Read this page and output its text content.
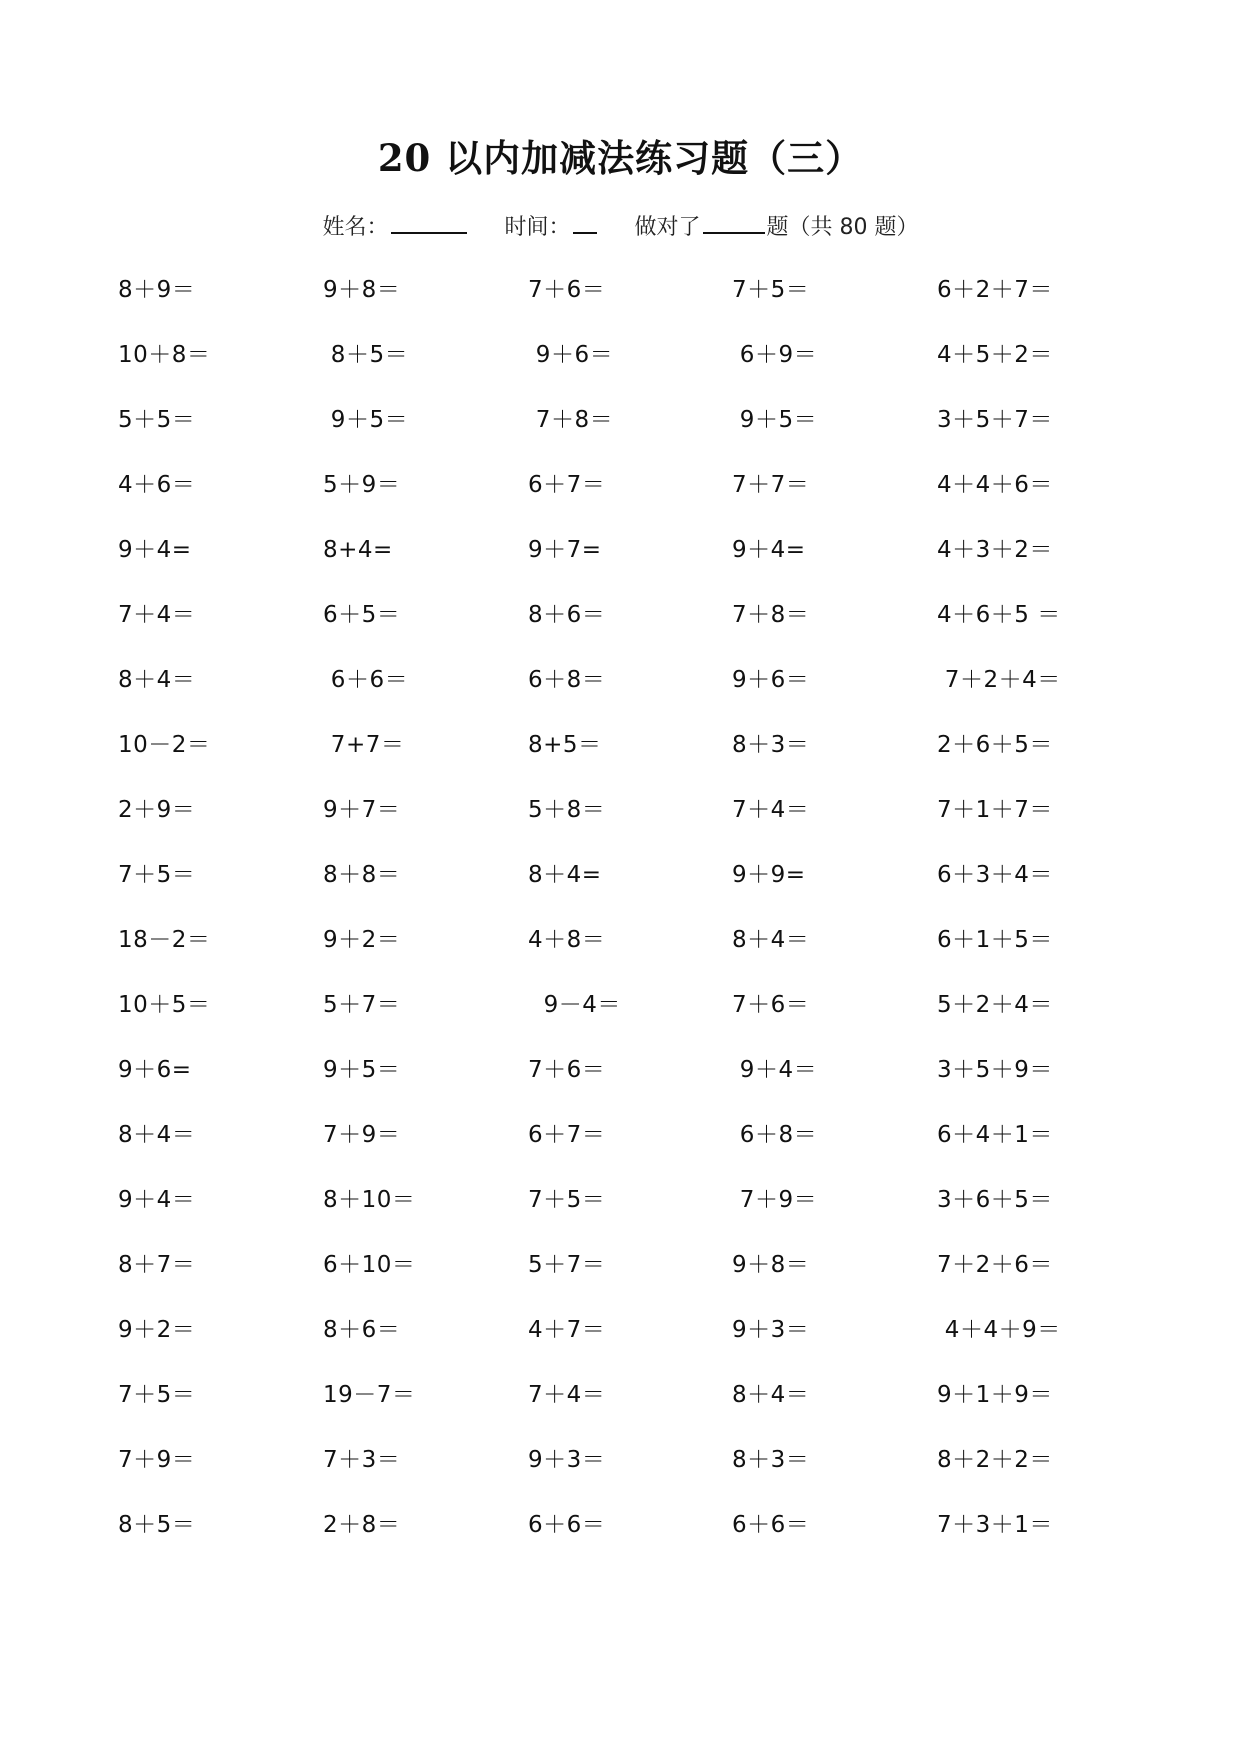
20 以内加减法练习题（三）
姓名：	时间：	做对了	题（共 80 题）
8＋9＝	9＋8＝	7＋6＝	7＋5＝	6＋2＋7＝
10＋8＝	8＋5＝	9＋6＝	6＋9＝	4＋5＋2＝
5＋5＝	9＋5＝	7＋8＝	9＋5＝	3＋5＋7＝
4＋6＝	5＋9＝	6＋7＝	7＋7＝	4＋4＋6＝
9＋4=	8+4=	9＋7=	9＋4=	4＋3＋2＝
7＋4＝	6＋5＝	8＋6＝	7＋8＝	4＋6＋5 ＝
8＋4＝	6＋6＝	6＋8＝	9＋6＝	7＋2＋4＝
10－2＝	7+7＝	8+5＝	8＋3＝	2＋6＋5＝
2＋9＝	9＋7＝	5＋8＝	7＋4＝	7＋1＋7＝
7＋5＝	8＋8＝	8＋4=	9＋9=	6＋3＋4＝
18－2＝	9＋2＝	4＋8＝	8＋4＝	6＋1＋5＝
10＋5＝	5＋7＝	9－4＝	7＋6＝	5＋2＋4＝
9＋6=	9＋5＝	7＋6＝	9＋4＝	3＋5＋9＝
8＋4＝	7＋9＝	6＋7＝	6＋8＝	6＋4＋1＝
9＋4＝	8＋10＝	7＋5＝	7＋9＝	3＋6＋5＝
8＋7＝	6＋10＝	5＋7＝	9＋8＝	7＋2＋6＝
9＋2＝	8＋6＝	4＋7＝	9＋3＝	4＋4＋9＝
7＋5＝	19－7＝	7＋4＝	8＋4＝	9＋1＋9＝
7＋9＝	7＋3＝	9＋3＝	8＋3＝	8＋2＋2＝
8＋5＝	2＋8＝	6＋6＝	6＋6＝	7＋3＋1＝
